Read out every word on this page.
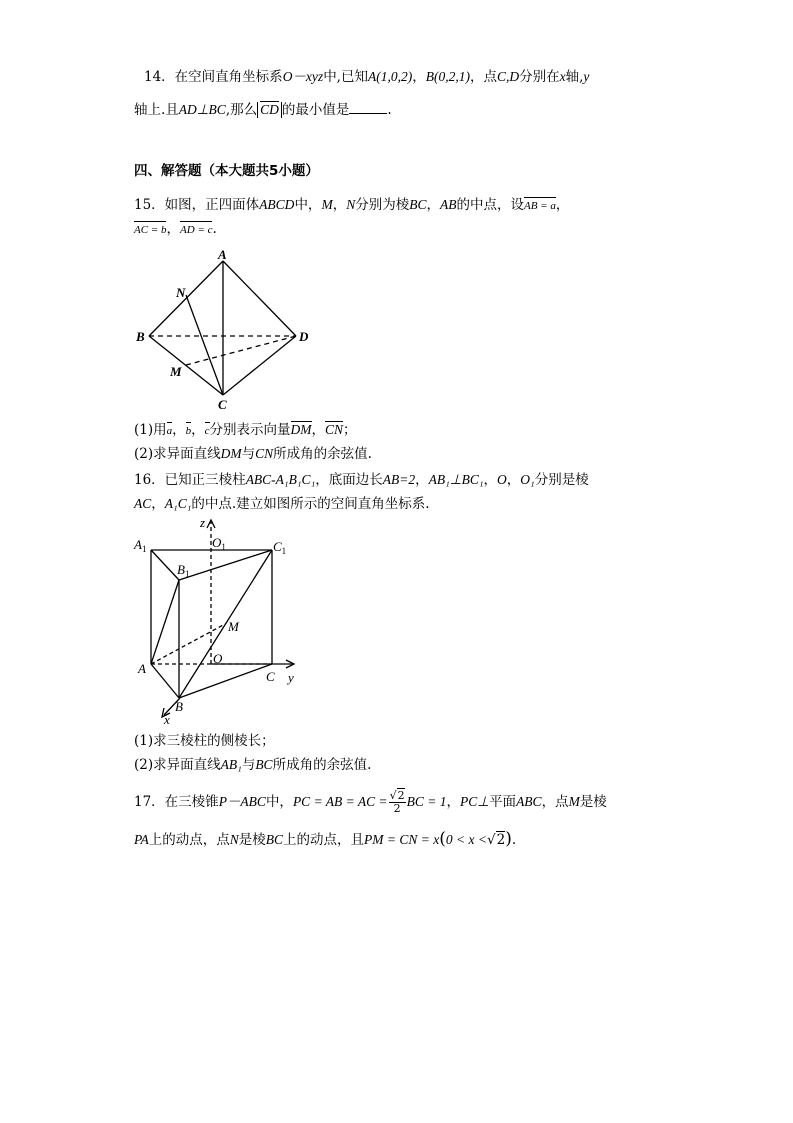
14．在空间直角坐标系O－xyz中,已知A(1,0,2)，B(0,2,1)，点C,D分别在x轴,y
轴上.且AD⊥BC,那么 CD 的最小值是	.
四、解答题（本大题共5小题）
15．如图，正四面体ABCD中，M，N分别为棱BC，AB的中点，设AB = a，
AC = b，AD = c.
A
N
B	D
M
C
(1)用a，b，c分别表示向量DM，CN；
(2)求异面直线DM与CN所成角的余弦值.
16．已知正三棱柱ABC-A₁B₁C₁，底面边长AB=2，AB₁⊥BC₁，O，O₁分别是棱
AC，A₁C₁的中点.建立如图所示的空间直角坐标系.
$A_1$	$O_1$	$C_1$
$B_1$
z
M
A
O
C y
B
x
(1)求三棱柱的侧棱长；
(2)求异面直线AB₁与BC所成角的余弦值.
17．在三棱锥P－ABC中，PC = AB = AC = $\frac{√2}{2}$ BC = 1，PC⊥平面ABC，点M是棱
PA上的动点，点N是棱BC上的动点，且PM = CN = x(0 < x <√2).
